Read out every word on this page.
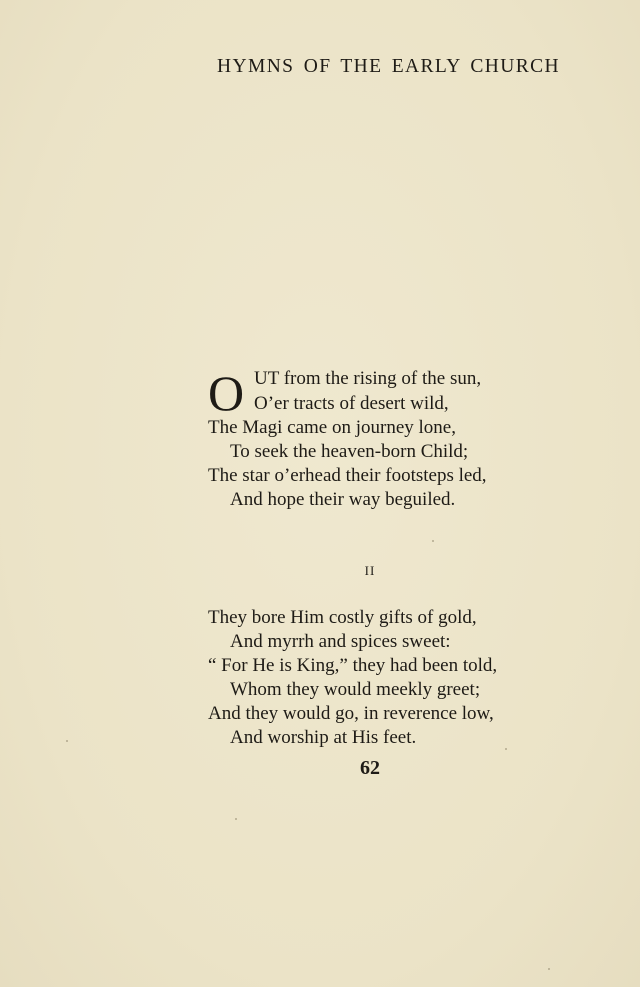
HYMNS OF THE EARLY CHURCH
O UT from the rising of the sun,
O’er tracts of desert wild,
The Magi came on journey lone,
To seek the heaven-born Child;
The star o’erhead their footsteps led,
And hope their way beguiled.
II
They bore Him costly gifts of gold,
And myrrh and spices sweet:
“ For He is King,” they had been told,
Whom they would meekly greet;
And they would go, in reverence low,
And worship at His feet.
62
